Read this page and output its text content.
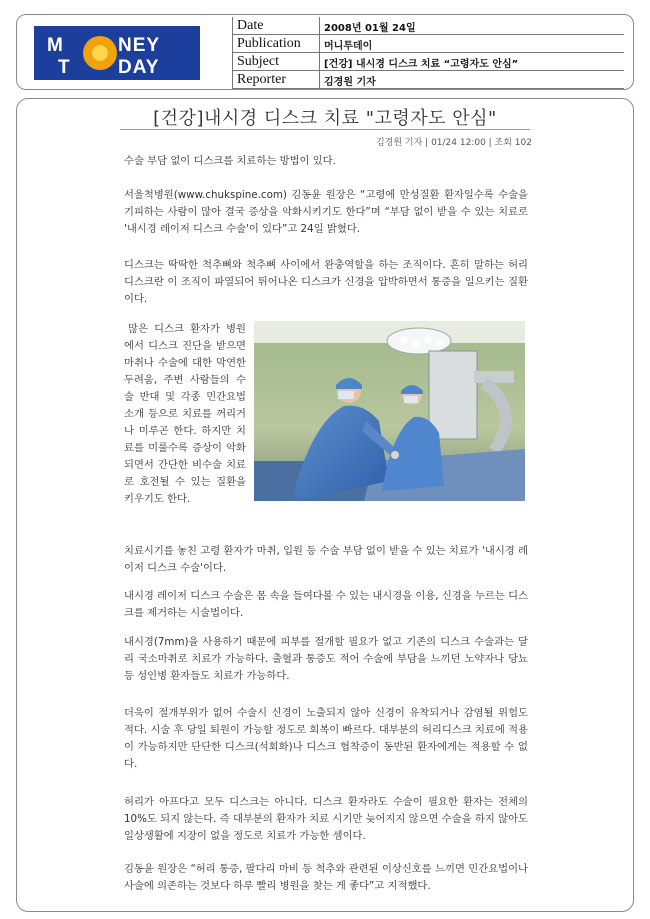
M	NEY
T DAY
Date	2008년 01월 24일
Publication	머니투데이
Subject	[건강] 내시경 디스크 치료 “고령자도 안심”
Reporter	김경원 기자
[건강]내시경 디스크 치료 "고령자도 안심"
김경원 기자 | 01/24 12:00 | 조회 102

수술 부담 없이 디스크를 치료하는 방법이 있다.

서울척병원(www.chukspine.com) 김동윤 원장은 “고령에 만성질환 환자일수록 수술을 기피하는 사람이 많아 결국 증상을 악화시키기도 한다”며 “부담 없이 받을 수 있는 치료로 '내시경 레이저 디스크 수술'이 있다”고 24일 밝혔다.

디스크는 딱딱한 척추뼈와 척추뼈 사이에서 완충역할을 하는 조직이다. 흔히 말하는 허리디스크란 이 조직이 파열되어 튀어나온 디스크가 신경을 압박하면서 통증을 일으키는 질환이다.

많은 디스크 환자가 병원에서 디스크 진단을 받으면 마취나 수술에 대한 막연한 두려움, 주변 사람들의 수술 반대 및 각종 민간요법 소개 등으로 치료를 꺼리거나 미루곤 한다. 하지만 치료를 미룰수록 증상이 악화되면서 간단한 비수술 치료로 호전될 수 있는 질환을 키우기도 한다.

치료시기를 놓친 고령 환자가 마취, 입원 등 수술 부담 없이 받을 수 있는 치료가 '내시경 레이저 디스크 수술'이다.

내시경 레이저 디스크 수술은 몸 속을 들여다볼 수 있는 내시경을 이용, 신경을 누르는 디스크를 제거하는 시술법이다.

내시경(7mm)을 사용하기 때문에 피부를 절개할 필요가 없고 기존의 디스크 수술과는 달리 국소마취로 치료가 가능하다. 출혈과 통증도 적어 수술에 부담을 느끼던 노약자나 당뇨 등 성인병 환자들도 치료가 가능하다.

더욱이 절개부위가 없어 수술시 신경이 노출되지 않아 신경이 유착되거나 감염될 위험도 적다. 시술 후 당일 퇴원이 가능할 정도로 회복이 빠르다. 대부분의 허리디스크 치료에 적용이 가능하지만 단단한 디스크(석회화)나 디스크 협착증이 동반된 환자에게는 적용할 수 없다.

허리가 아프다고 모두 디스크는 아니다. 디스크 환자라도 수술이 필요한 환자는 전체의 10%도 되지 않는다. 즉 대부분의 환자가 치료 시기만 늦어지지 않으면 수술을 하지 않아도 일상생활에 지장이 없을 정도로 치료가 가능한 셈이다.

김동윤 원장은 “허리 통증, 팔다리 마비 등 척추와 관련된 이상신호를 느끼면 민간요법이나 사술에 의존하는 것보다 하루 빨리 병원을 찾는 게 좋다”고 지적했다.
